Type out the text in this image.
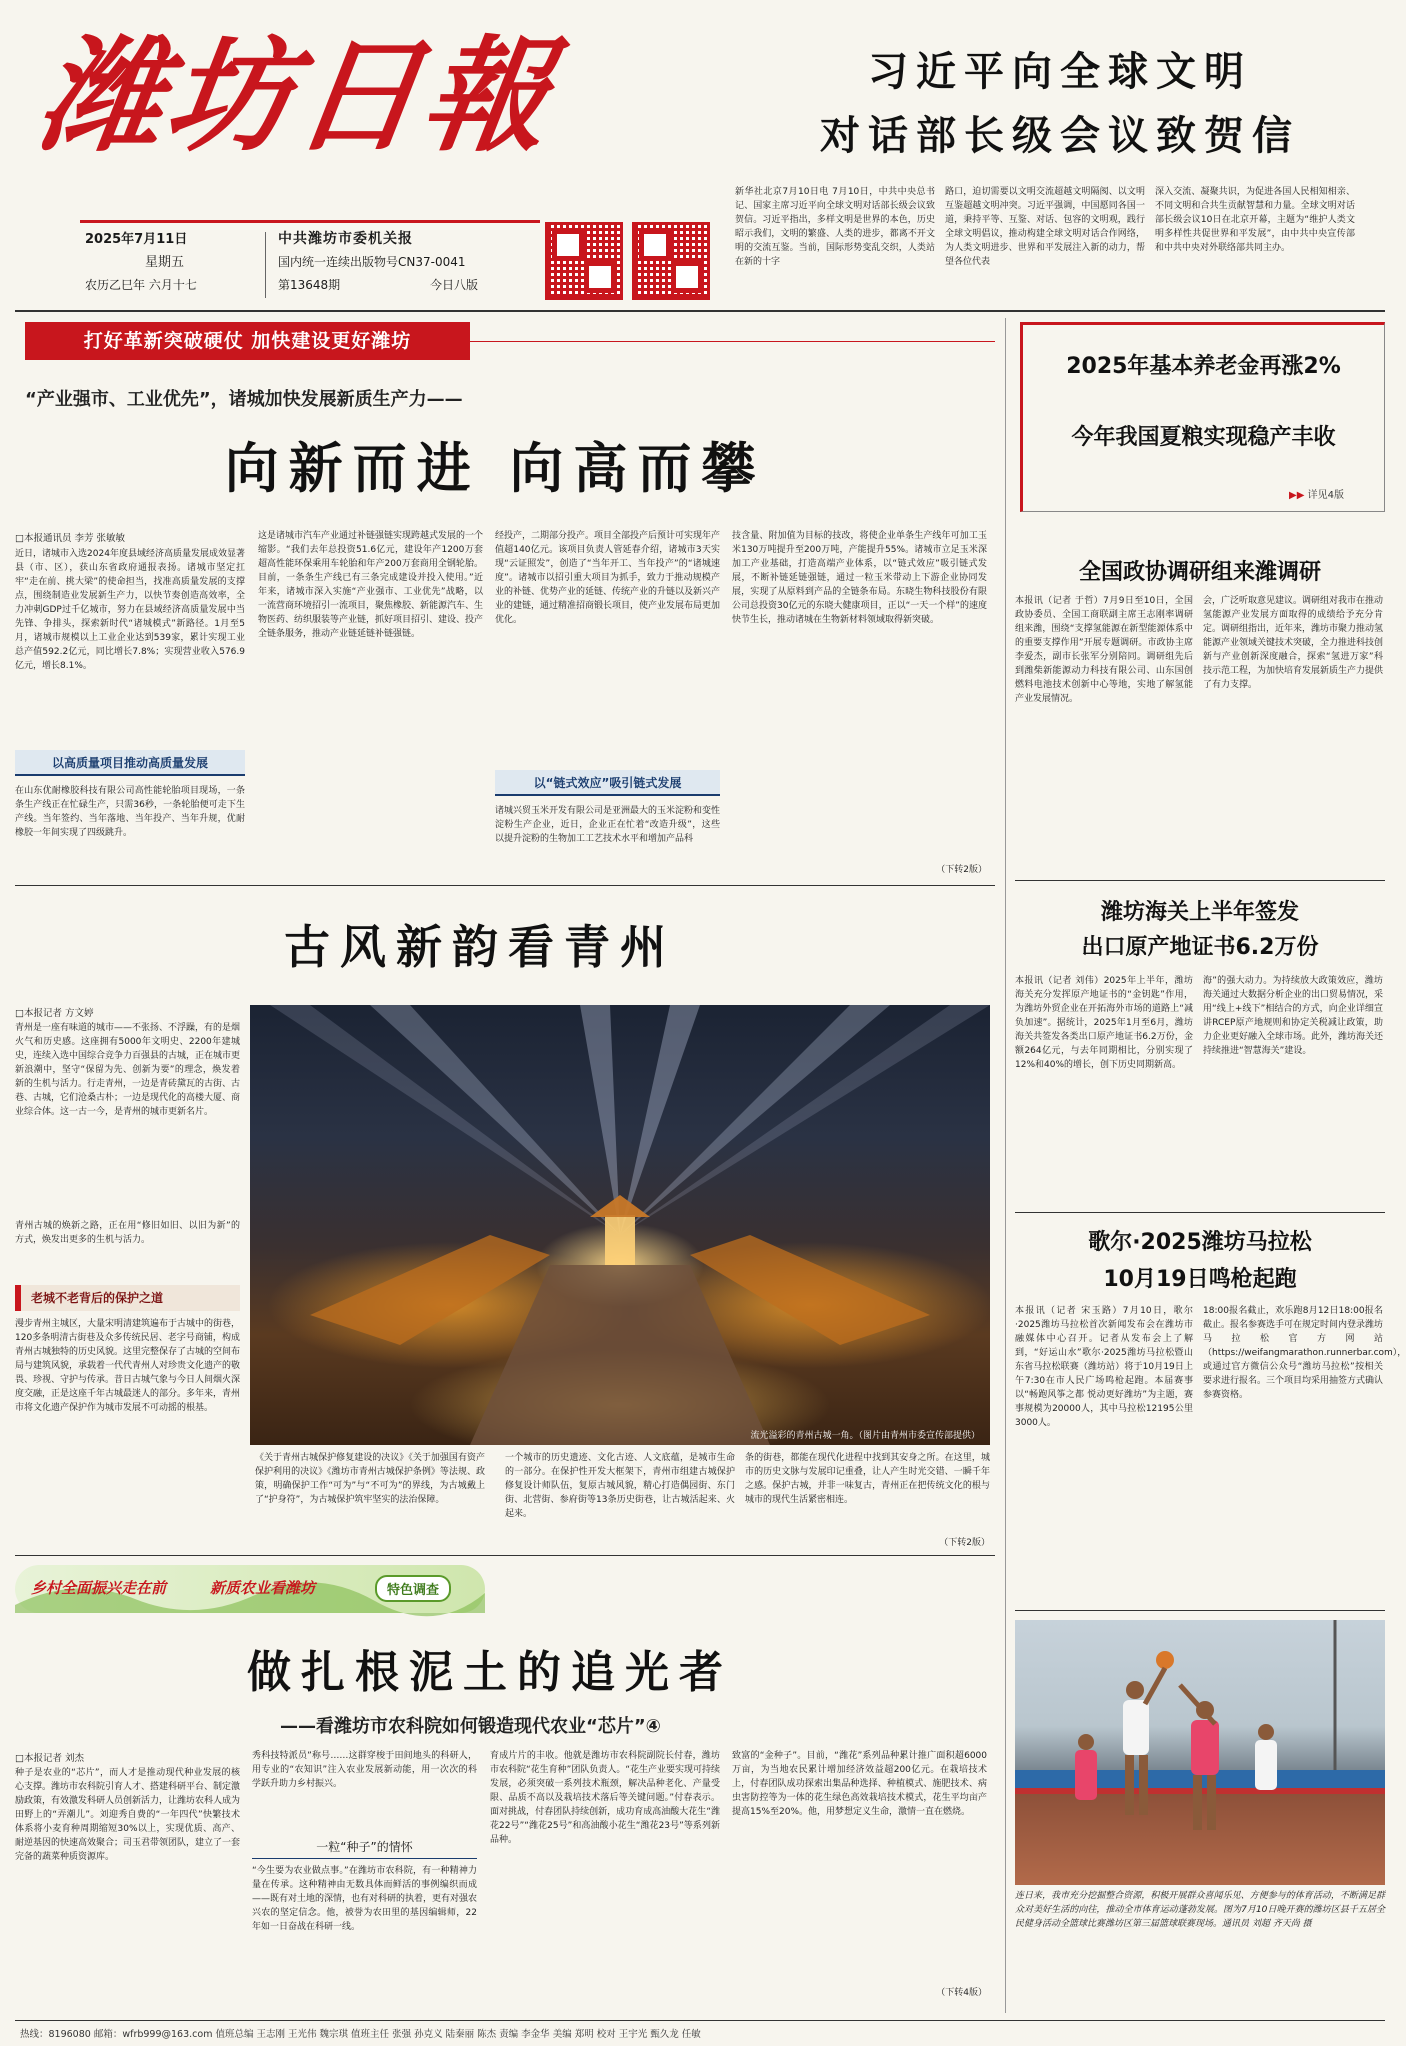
潍坊日報	习近平向全球文明
对话部长级会议致贺信
2025年7月11日
星期五
农历乙巳年 六月十七
中共潍坊市委机关报
国内统一连续出版物号CN37-0041
第13648期	今日八版
新华社北京7月10日电 7月10日，中共中央总书记、国家主席习近平向全球文明对话部长级会议致贺信。习近平指出，多样文明是世界的本色，历史昭示我们，文明的繁盛、人类的进步，都离不开文明的交流互鉴。当前，国际形势变乱交织，人类站在新的十字
路口，迫切需要以文明交流超越文明隔阂、以文明互鉴超越文明冲突。习近平强调，中国愿同各国一道，秉持平等、互鉴、对话、包容的文明观，践行全球文明倡议，推动构建全球文明对话合作网络，为人类文明进步、世界和平发展注入新的动力，帮望各位代表
深入交流、凝聚共识，为促进各国人民相知相亲、不同文明和合共生贡献智慧和力量。全球文明对话部长级会议10日在北京开幕，主题为“维护人类文明多样性共促世界和平发展”，由中共中央宣传部和中共中央对外联络部共同主办。
打好革新突破硬仗 加快建设更好潍坊
“产业强市、工业优先”，诸城加快发展新质生产力——
向新而进 向高而攀
□本报通讯员 李芳 张敏敏
近日，诸城市入选2024年度县域经济高质量发展成效显著县（市、区），获山东省政府通报表扬。诸城市坚定扛牢“走在前、挑大梁”的使命担当，找准高质量发展的支撑点，围绕制造业发展新生产力，以快节奏创造高效率，全力冲刺GDP过千亿城市，努力在县域经济高质量发展中当先锋、争排头，探索新时代“诸城模式”新路径。1月至5月，诸城市规模以上工业企业达到539家，累计实现工业总产值592.2亿元，同比增长7.8%；实现营业收入576.9亿元，增长8.1%。
以高质量项目推动高质量发展
在山东优耐橡胶科技有限公司高性能轮胎项目现场，一条条生产线正在忙碌生产，只需36秒，一条轮胎便可走下生产线。当年签约、当年落地、当年投产、当年升规，优耐橡胶一年间实现了四级跳升。
这是诸城市汽车产业通过补链强链实现跨越式发展的一个缩影。“我们去年总投资51.6亿元，建设年产1200万套超高性能环保乘用车轮胎和年产200万套商用全钢轮胎。目前，一条条生产线已有三条完成建设并投入使用。”近年来，诸城市深入实施“产业强市、工业优先”战略，以一流营商环境招引一流项目，聚焦橡胶、新能源汽车、生物医药、纺织服装等产业链，抓好项目招引、建设、投产全链条服务，推动产业链延链补链强链。
经投产，二期部分投产。项目全部投产后预计可实现年产值超140亿元。该项目负责人管延春介绍，诸城市3天实现“云证照发”，创造了“当年开工、当年投产”的“诸城速度”。诸城市以招引重大项目为抓手，致力于推动规模产业的补链、优势产业的延链、传统产业的升链以及新兴产业的建链，通过精准招商锻长项目，使产业发展布局更加优化。
以“链式效应”吸引链式发展
诸城兴贸玉米开发有限公司是亚洲最大的玉米淀粉和变性淀粉生产企业，近日，企业正在忙着“改造升级”，这些以提升淀粉的生物加工工艺技术水平和增加产品科
技含量、附加值为目标的技改，将使企业单条生产线年可加工玉米130万吨提升至200万吨，产能提升55%。诸城市立足玉米深加工产业基础，打造高端产业体系，以“链式效应”吸引链式发展，不断补链延链强链，通过一粒玉米带动上下游企业协同发展，实现了从原料到产品的全链条布局。东晓生物科技股份有限公司总投资30亿元的东晓大健康项目，正以“一天一个样”的速度快节生长，推动诸城在生物新材料领域取得新突破。
（下转2版）
古风新韵看青州
□本报记者 方文婷
青州是一座有味道的城市——不张扬、不浮躁，有的是烟火气和历史感。这座拥有5000年文明史、2200年建城史，连续入选中国综合竞争力百强县的古城，正在城市更新浪潮中，坚守“保留为先、创新为要”的理念，焕发着新的生机与活力。行走青州，一边是青砖黛瓦的古街、古巷、古城，它们沧桑古朴；一边是现代化的高楼大厦、商业综合体。这一古一今，是青州的城市更新名片。
青州古城的焕新之路，正在用“修旧如旧、以旧为新”的方式，焕发出更多的生机与活力。
老城不老背后的保护之道
漫步青州主城区，大量宋明清建筑遍布于古城中的街巷，120多条明清古街巷及众多传统民居、老字号商铺，构成青州古城独特的历史风貌。这里完整保存了古城的空间布局与建筑风貌，承载着一代代青州人对珍贵文化遗产的敬畏、珍视、守护与传承。昔日古城气象与今日人间烟火深度交融，正是这座千年古城最迷人的部分。多年来，青州市将文化遗产保护作为城市发展不可动摇的根基。
流光溢彩的青州古城一角。（图片由青州市委宣传部提供）
《关于青州古城保护修复建设的决议》《关于加强国有资产保护利用的决议》《潍坊市青州古城保护条例》等法规、政策，明确保护工作“可为”与“不可为”的界线，为古城戴上了“护身符”，为古城保护筑牢坚实的法治保障。
一个城市的历史遗迹、文化古迹、人文底蕴，是城市生命的一部分。在保护性开发大框架下，青州市组建古城保护修复设计师队伍，复原古城风貌，精心打造偶园街、东门街、北营街、参府街等13条历史街巷，让古城活起来、火起来。
条的街巷，都能在现代化进程中找到其安身之所。在这里，城市的历史文脉与发展印记重叠，让人产生时光交错、一瞬千年之感。保护古城，并非一味复古，青州正在把传统文化的根与城市的现代生活紧密相连。
（下转2版）
乡村全面振兴走在前	新质农业看潍坊	特色调查
做扎根泥土的追光者
——看潍坊市农科院如何锻造现代农业“芯片”④
□本报记者 刘杰
种子是农业的“芯片”，而人才是推动现代种业发展的核心支撑。潍坊市农科院引育人才、搭建科研平台、制定激励政策，有效激发科研人员创新活力，让潍坊农科人成为田野上的“弄潮儿”。刘迎秀自费的“一年四代”快繁技术体系将小麦育种周期缩短30%以上，实现优质、高产、耐逆基因的快速高效聚合；司玉君带领团队，建立了一套完备的蔬菜种质资源库。
秀科技特派员”称号……这群穿梭于田间地头的科研人，用专业的“农知识”注入农业发展新动能，用一次次的科学跃升助力乡村振兴。
一粒“种子”的情怀
“今生要为农业做点事。”在潍坊市农科院，有一种精神力量在传承。这种精神由无数具体而鲜活的事例编织而成——既有对土地的深情，也有对科研的执着，更有对强农兴农的坚定信念。他，被誉为农田里的基因编辑师，22年如一日奋战在科研一线。
育成片片的丰收。他就是潍坊市农科院副院长付春，潍坊市农科院“花生育种”团队负责人。“花生产业要实现可持续发展，必须突破一系列技术瓶颈，解决品种老化、产量受限、品质不高以及栽培技术落后等关键问题。”付春表示。面对挑战，付春团队持续创新，成功育成高油酸大花生“潍花22号”“潍花25号”和高油酸小花生“潍花23号”等系列新品种。
致富的“金种子”。目前，“潍花”系列品种累计推广面积超6000万亩，为当地农民累计增加经济效益超200亿元。在栽培技术上，付春团队成功探索出集品种选择、种植模式、施肥技术、病虫害防控等为一体的花生绿色高效栽培技术模式，花生平均亩产提高15%至20%。他，用梦想定义生命，激情一直在燃烧。
（下转4版）
2025年基本养老金再涨2%
今年我国夏粮实现稳产丰收
▶▶ 详见4版
全国政协调研组来潍调研
本报讯（记者 于哲）7月9日至10日，全国政协委员、全国工商联副主席王志刚率调研组来潍，围绕“支撑氢能源在新型能源体系中的重要支撑作用”开展专题调研。市政协主席李爱杰，副市长张军分别陪同。调研组先后到潍柴新能源动力科技有限公司、山东国创燃料电池技术创新中心等地，实地了解氢能产业发展情况。
会，广泛听取意见建议。调研组对我市在推动氢能源产业发展方面取得的成绩给予充分肯定。调研组指出，近年来，潍坊市聚力推动氢能源产业领域关键技术突破，全力推进科技创新与产业创新深度融合，探索“氢进万家”科技示范工程，为加快培育发展新质生产力提供了有力支撑。
潍坊海关上半年签发
出口原产地证书6.2万份
本报讯（记者 刘伟）2025年上半年，潍坊海关充分发挥原产地证书的“金钥匙”作用，为潍坊外贸企业在开拓海外市场的道路上“减负加速”。据统计，2025年1月至6月，潍坊海关共签发各类出口原产地证书6.2万份，金额264亿元，与去年同期相比，分别实现了12%和40%的增长，创下历史同期新高。
海”的强大动力。为持续放大政策效应，潍坊海关通过大数据分析企业的出口贸易情况，采用“线上+线下”相结合的方式，向企业详细宣讲RCEP原产地规则和协定关税减让政策，助力企业更好融入全球市场。此外，潍坊海关还持续推进“智慧海关”建设。
歌尔·2025潍坊马拉松
10月19日鸣枪起跑
本报讯（记者 宋玉路）7月10日，歌尔·2025潍坊马拉松首次新闻发布会在潍坊市融媒体中心召开。记者从发布会上了解到，“好运山水”歌尔·2025潍坊马拉松暨山东省马拉松联赛（潍坊站）将于10月19日上午7:30在市人民广场鸣枪起跑。本届赛事以“畅跑风筝之都 悦动更好潍坊”为主题，赛事规模为20000人，其中马拉松12195公里3000人。
18:00报名截止，欢乐跑8月12日18:00报名截止。报名参赛选手可在规定时间内登录潍坊马拉松官方网站（https://weifangmarathon.runnerbar.com），或通过官方微信公众号“潍坊马拉松”按相关要求进行报名。三个项目均采用抽签方式确认参赛资格。
连日来，我市充分挖掘整合资源，积极开展群众喜闻乐见、方便参与的体育活动，不断满足群众对美好生活的向往，推动全市体育运动蓬勃发展。图为7月10日晚开赛的潍坊区县千五居全民健身活动全篮球比赛潍坊区第三届篮球联赛现场。通讯员 刘超 齐天尚 摄
热线：8196080 邮箱：wfrb999@163.com 值班总编 王志刚 王光伟 魏宗琪 值班主任 张强 孙克义 陆秦丽 陈杰 责编 李金华 美编 郑明 校对 王宇光 甄久龙 任敏
